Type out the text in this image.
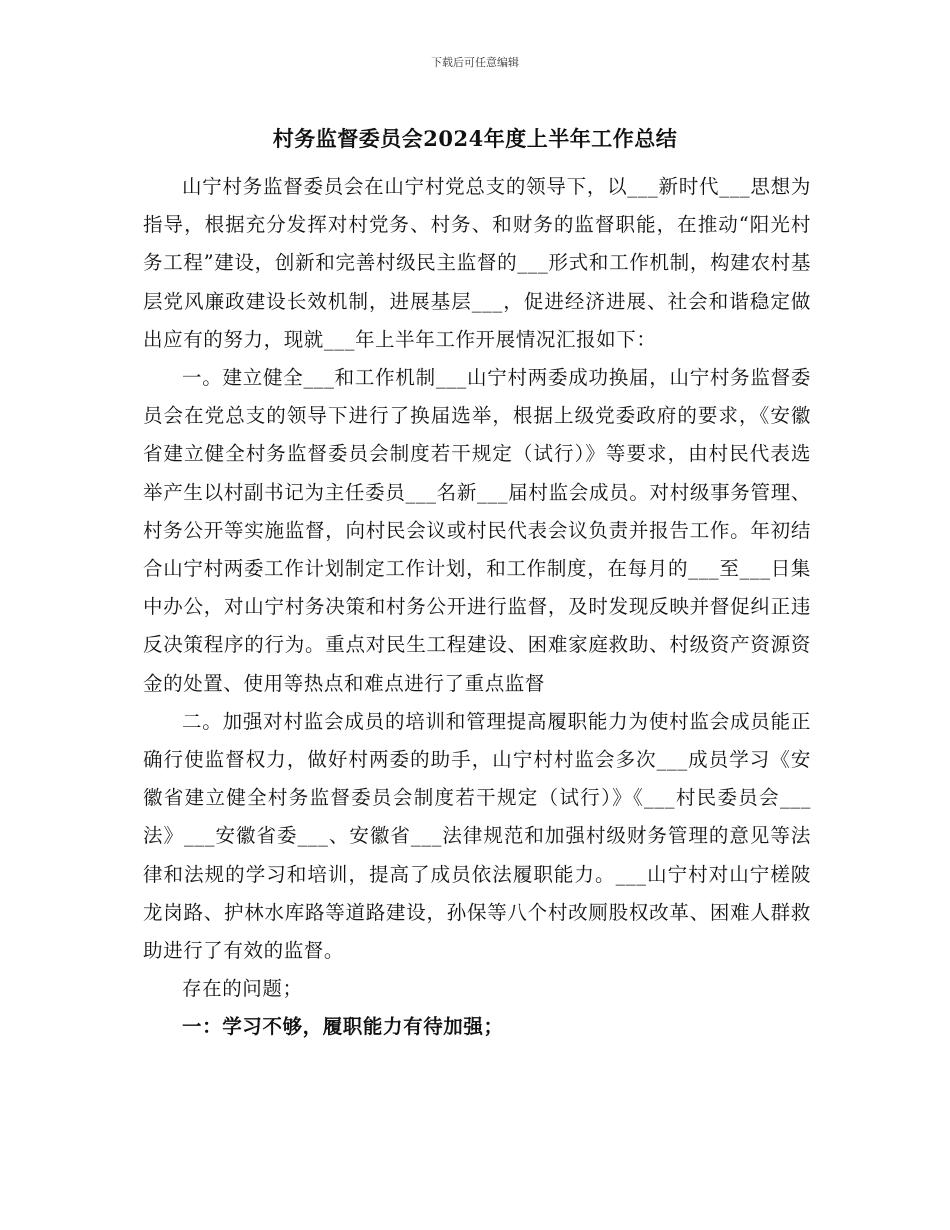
下载后可任意编辑
村务监督委员会2024年度上半年工作总结

山宁村务监督委员会在山宁村党总支的领导下，以___新时代___思想为指导，根据充分发挥对村党务、村务、和财务的监督职能，在推动“阳光村务工程”建设，创新和完善村级民主监督的___形式和工作机制，构建农村基层党风廉政建设长效机制，进展基层___，促进经济进展、社会和谐稳定做出应有的努力，现就___年上半年工作开展情况汇报如下：

一。建立健全___和工作机制___山宁村两委成功换届，山宁村务监督委员会在党总支的领导下进行了换届选举，根据上级党委政府的要求，《安徽省建立健全村务监督委员会制度若干规定（试行）》等要求，由村民代表选举产生以村副书记为主任委员___名新___届村监会成员。对村级事务管理、村务公开等实施监督，向村民会议或村民代表会议负责并报告工作。年初结合山宁村两委工作计划制定工作计划，和工作制度，在每月的___至___日集中办公，对山宁村务决策和村务公开进行监督，及时发现反映并督促纠正违反决策程序的行为。重点对民生工程建设、困难家庭救助、村级资产资源资金的处置、使用等热点和难点进行了重点监督

二。加强对村监会成员的培训和管理提高履职能力为使村监会成员能正确行使监督权力，做好村两委的助手，山宁村村监会多次___成员学习《安徽省建立健全村务监督委员会制度若干规定（试行）》《___村民委员会___法》___安徽省委___、安徽省___法律规范和加强村级财务管理的意见等法律和法规的学习和培训，提高了成员依法履职能力。___山宁村对山宁槎陂龙岗路、护林水库路等道路建设，孙保等八个村改厕股权改革、困难人群救助进行了有效的监督。

存在的问题；

一：学习不够，履职能力有待加强；
